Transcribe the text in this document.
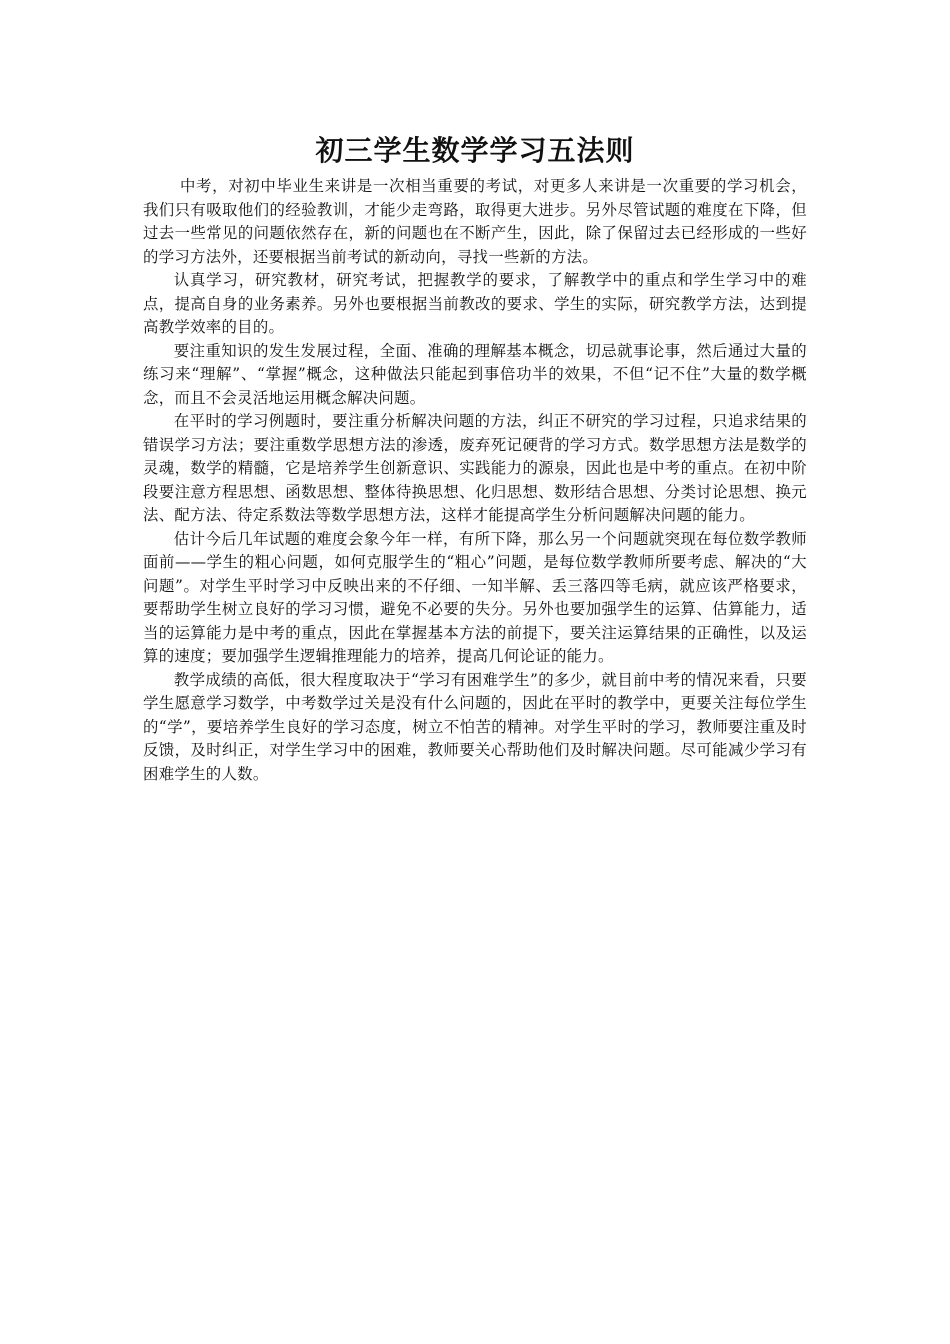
初三学生数学学习五法则

中考，对初中毕业生来讲是一次相当重要的考试，对更多人来讲是一次重要的学习机会，我们只有吸取他们的经验教训，才能少走弯路，取得更大进步。另外尽管试题的难度在下降，但过去一些常见的问题依然存在，新的问题也在不断产生，因此，除了保留过去已经形成的一些好的学习方法外，还要根据当前考试的新动向，寻找一些新的方法。

认真学习，研究教材，研究考试，把握教学的要求，了解教学中的重点和学生学习中的难点，提高自身的业务素养。另外也要根据当前教改的要求、学生的实际，研究教学方法，达到提高教学效率的目的。

要注重知识的发生发展过程，全面、准确的理解基本概念，切忌就事论事，然后通过大量的练习来“理解”、“掌握”概念，这种做法只能起到事倍功半的效果，不但“记不住”大量的数学概念，而且不会灵活地运用概念解决问题。

在平时的学习例题时，要注重分析解决问题的方法，纠正不研究的学习过程，只追求结果的错误学习方法；要注重数学思想方法的渗透，废弃死记硬背的学习方式。数学思想方法是数学的灵魂，数学的精髓，它是培养学生创新意识、实践能力的源泉，因此也是中考的重点。在初中阶段要注意方程思想、函数思想、整体待换思想、化归思想、数形结合思想、分类讨论思想、换元法、配方法、待定系数法等数学思想方法，这样才能提高学生分析问题解决问题的能力。

估计今后几年试题的难度会象今年一样，有所下降，那么另一个问题就突现在每位数学教师面前——学生的粗心问题，如何克服学生的“粗心”问题，是每位数学教师所要考虑、解决的“大问题”。对学生平时学习中反映出来的不仔细、一知半解、丢三落四等毛病，就应该严格要求，要帮助学生树立良好的学习习惯，避免不必要的失分。另外也要加强学生的运算、估算能力，适当的运算能力是中考的重点，因此在掌握基本方法的前提下，要关注运算结果的正确性，以及运算的速度；要加强学生逻辑推理能力的培养，提高几何论证的能力。

教学成绩的高低，很大程度取决于“学习有困难学生”的多少，就目前中考的情况来看，只要学生愿意学习数学，中考数学过关是没有什么问题的，因此在平时的教学中，更要关注每位学生的“学”，要培养学生良好的学习态度，树立不怕苦的精神。对学生平时的学习，教师要注重及时反馈，及时纠正，对学生学习中的困难，教师要关心帮助他们及时解决问题。尽可能减少学习有困难学生的人数。
